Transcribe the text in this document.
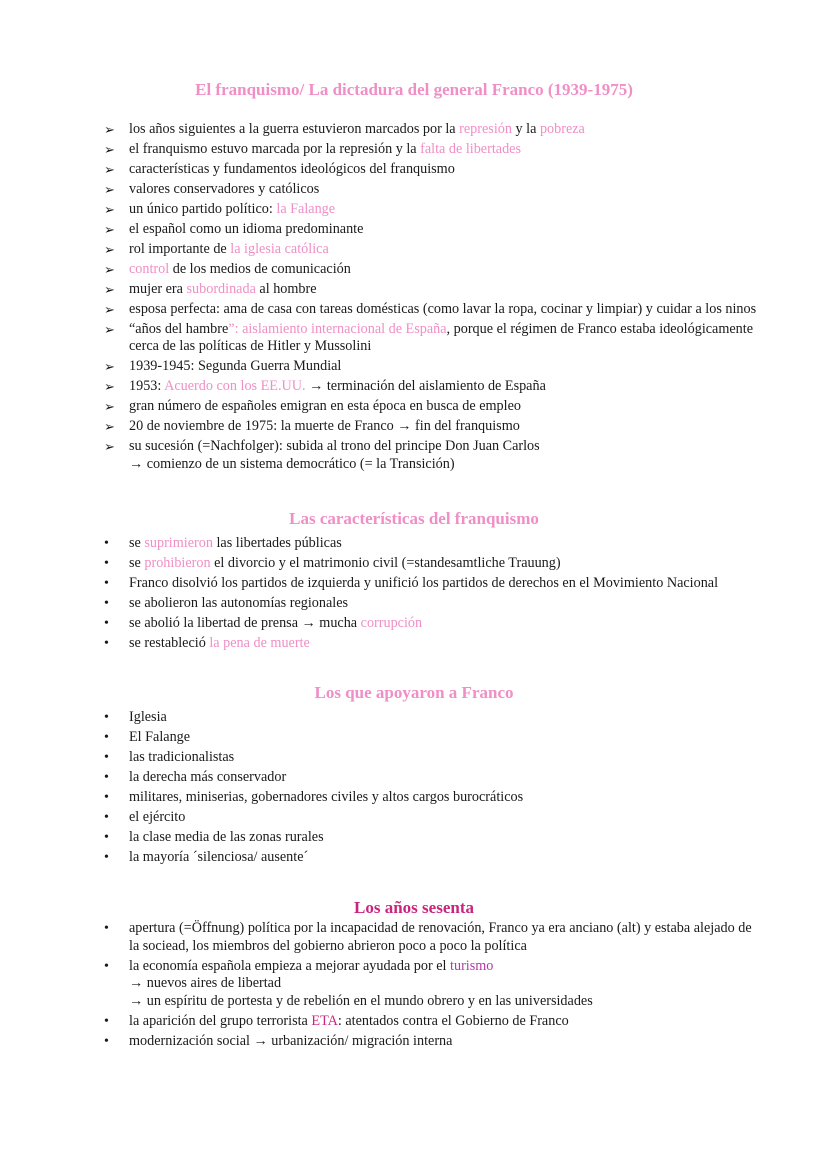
El franquismo/ La dictadura del general Franco (1939-1975)
➢ los años siguientes a la guerra estuvieron marcados por la represión y la pobreza
➢ el franquismo estuvo marcada por la represión y la falta de libertades
➢ características y fundamentos ideológicos del franquismo
➢ valores conservadores y católicos
➢ un único partido político: la Falange
➢ el español como un idioma predominante
➢ rol importante de la iglesia católica
➢ control de los medios de comunicación
➢ mujer era subordinada al hombre
➢ esposa perfecta: ama de casa con tareas domésticas (como lavar la ropa, cocinar y limpiar) y cuidar a los ninos
➢ “años del hambre”: aislamiento internacional de España, porque el régimen de Franco estaba ideológicamente cerca de las políticas de Hitler y Mussolini
➢ 1939-1945: Segunda Guerra Mundial
➢ 1953: Acuerdo con los EE.UU. → terminación del aislamiento de España
➢ gran número de españoles emigran en esta época en busca de empleo
➢ 20 de noviembre de 1975: la muerte de Franco → fin del franquismo
➢ su sucesión (=Nachfolger): subida al trono del principe Don Juan Carlos
→ comienzo de un sistema democrático (= la Transición)
Las características del franquismo
• se suprimieron las libertades públicas
• se prohibieron el divorcio y el matrimonio civil (=standesamtliche Trauung)
• Franco disolvió los partidos de izquierda y unifició los partidos de derechos en el Movimiento Nacional
• se abolieron las autonomías regionales
• se abolió la libertad de prensa → mucha corrupción
• se restableció la pena de muerte
Los que apoyaron a Franco
• Iglesia
• El Falange
• las tradicionalistas
• la derecha más conservador
• militares, miniserias, gobernadores civiles y altos cargos burocráticos
• el ejército
• la clase media de las zonas rurales
• la mayoría ´silenciosa/ ausente´
Los años sesenta
• apertura (=Öffnung) política por la incapacidad de renovación, Franco ya era anciano (alt) y estaba alejado de la sociead, los miembros del gobierno abrieron poco a poco la política
• la economía española empieza a mejorar ayudada por el turismo
→ nuevos aires de libertad
→ un espíritu de portesta y de rebelión en el mundo obrero y en las universidades
• la aparición del grupo terrorista ETA: atentados contra el Gobierno de Franco
• modernización social → urbanización/ migración interna
